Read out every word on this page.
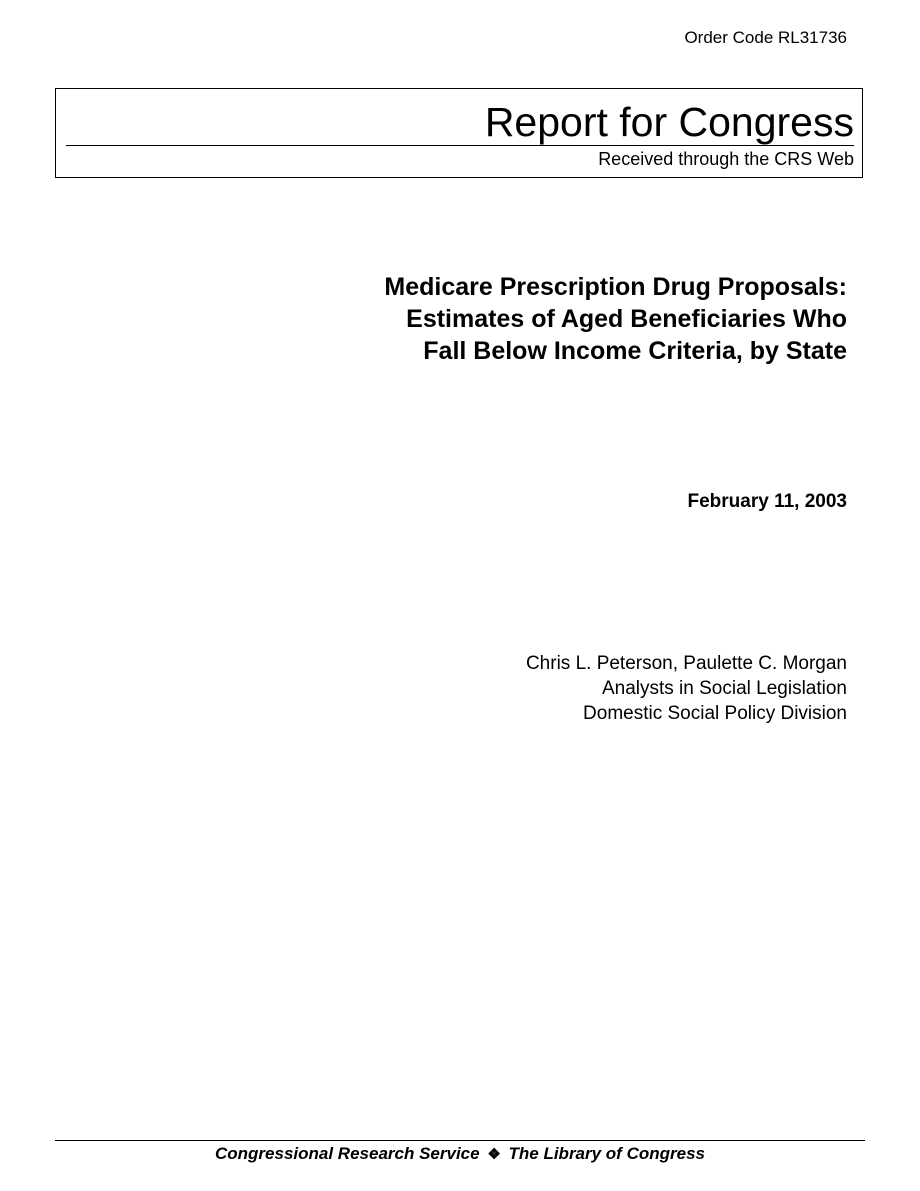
Order Code RL31736
Report for Congress
Received through the CRS Web
Medicare Prescription Drug Proposals:
Estimates of Aged Beneficiaries Who
Fall Below Income Criteria, by State
February 11, 2003
Chris L. Peterson, Paulette C. Morgan
Analysts in Social Legislation
Domestic Social Policy Division
Congressional Research Service ❖ The Library of Congress
